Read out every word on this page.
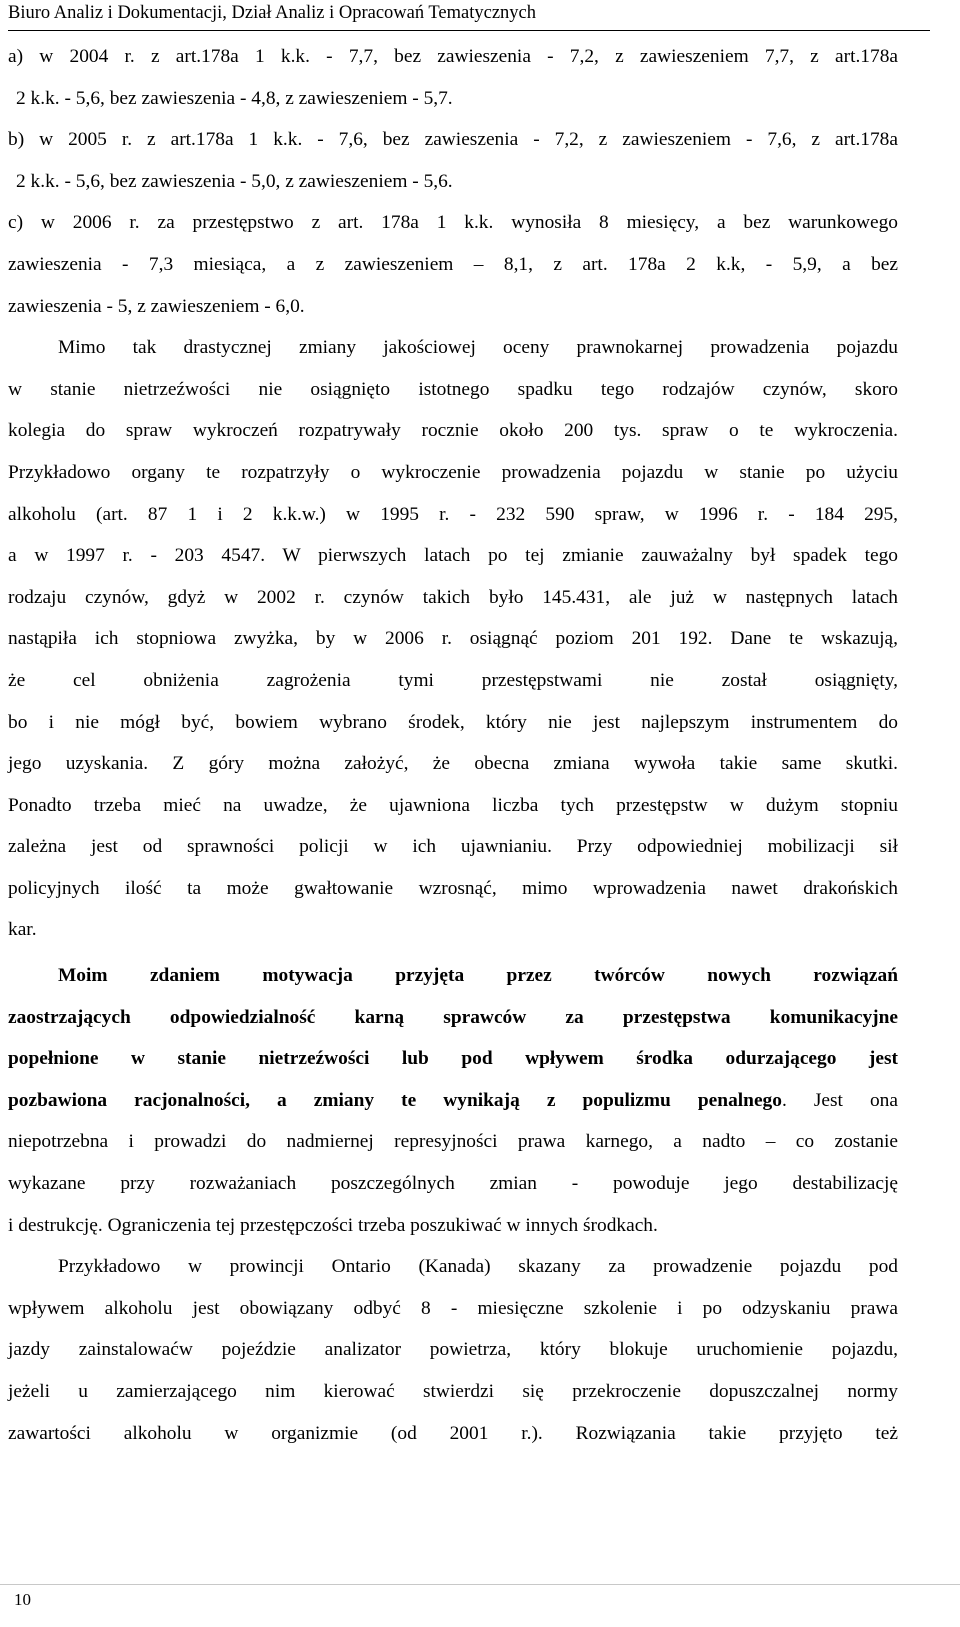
Biuro Analiz i Dokumentacji, Dział Analiz i Opracowań Tematycznych
a) w 2004 r. z art.178a 1 k.k. - 7,7, bez zawieszenia - 7,2, z zawieszeniem 7,7, z art.178a
2 k.k. - 5,6, bez zawieszenia - 4,8, z zawieszeniem - 5,7.
b) w 2005 r. z art.178a 1 k.k. - 7,6, bez zawieszenia - 7,2, z zawieszeniem - 7,6, z art.178a
2 k.k. - 5,6, bez zawieszenia - 5,0, z zawieszeniem - 5,6.
c) w 2006 r. za przestępstwo z art. 178a 1 k.k. wynosiła 8 miesięcy, a bez warunkowego
zawieszenia - 7,3 miesiąca, a z zawieszeniem – 8,1, z art. 178a 2 k.k, - 5,9, a bez
zawieszenia - 5, z zawieszeniem - 6,0.
Mimo tak drastycznej zmiany jakościowej oceny prawnokarnej prowadzenia pojazdu
w stanie nietrzeźwości nie osiągnięto istotnego spadku tego rodzajów czynów, skoro
kolegia do spraw wykroczeń rozpatrywały rocznie około 200 tys. spraw o te wykroczenia.
Przykładowo organy te rozpatrzyły o wykroczenie prowadzenia pojazdu w stanie po użyciu
alkoholu (art. 87 1 i 2 k.k.w.) w 1995 r. - 232 590 spraw, w 1996 r. - 184 295,
a w 1997 r. - 203 4547. W pierwszych latach po tej zmianie zauważalny był spadek tego
rodzaju czynów, gdyż w 2002 r. czynów takich było 145.431, ale już w następnych latach
nastąpiła ich stopniowa zwyżka, by w 2006 r. osiągnąć poziom 201 192. Dane te wskazują,
że cel obniżenia zagrożenia tymi przestępstwami nie został osiągnięty,
bo i nie mógł być, bowiem wybrano środek, który nie jest najlepszym instrumentem do
jego uzyskania. Z góry można założyć, że obecna zmiana wywoła takie same skutki.
Ponadto trzeba mieć na uwadze, że ujawniona liczba tych przestępstw w dużym stopniu
zależna jest od sprawności policji w ich ujawnianiu. Przy odpowiedniej mobilizacji sił
policyjnych ilość ta może gwałtowanie wzrosnąć, mimo wprowadzenia nawet drakońskich
kar.
Moim zdaniem motywacja przyjęta przez twórców nowych rozwiązań
zaostrzających odpowiedzialność karną sprawców za przestępstwa komunikacyjne
popełnione w stanie nietrzeźwości lub pod wpływem środka odurzającego jest
pozbawiona racjonalności, a zmiany te wynikają z populizmu penalnego. Jest ona
niepotrzebna i prowadzi do nadmiernej represyjności prawa karnego, a nadto – co zostanie
wykazane przy rozważaniach poszczególnych zmian - powoduje jego destabilizację
i destrukcję. Ograniczenia tej przestępczości trzeba poszukiwać w innych środkach.
Przykładowo w prowincji Ontario (Kanada) skazany za prowadzenie pojazdu pod
wpływem alkoholu jest obowiązany odbyć 8 - miesięczne szkolenie i po odzyskaniu prawa
jazdy zainstalowaćw pojeździe analizator powietrza, który blokuje uruchomienie pojazdu,
jeżeli u zamierzającego nim kierować stwierdzi się przekroczenie dopuszczalnej normy
zawartości alkoholu w organizmie (od 2001 r.). Rozwiązania takie przyjęto też
10
